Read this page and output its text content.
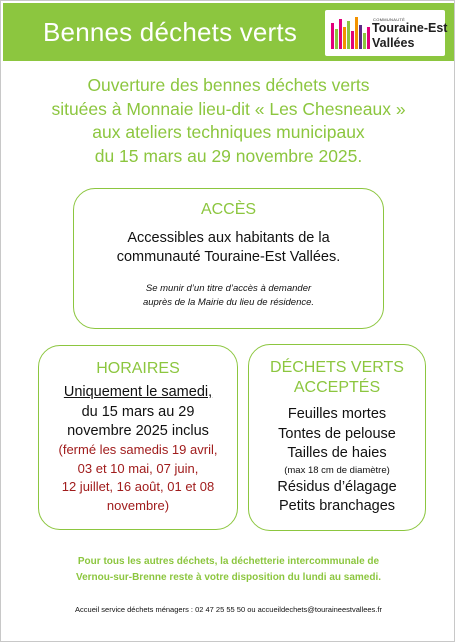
Bennes déchets verts	COMMUNAUTÉ
Touraine-Est
Vallées
Ouverture des bennes déchets verts
situées à Monnaie lieu-dit « Les Chesneaux »
aux ateliers techniques municipaux
du 15 mars au 29 novembre 2025.
ACCÈS
Accessibles aux habitants de la
communauté Touraine-Est Vallées.
Se munir d’un titre d’accès à demander
auprès de la Mairie du lieu de résidence.
HORAIRES
Uniquement le samedi,
du 15 mars au 29
novembre 2025 inclus
(fermé les samedis 19 avril,
03 et 10 mai, 07 juin,
12 juillet, 16 août, 01 et 08
novembre)
DÉCHETS VERTS
ACCEPTÉS
Feuilles mortes
Tontes de pelouse
Tailles de haies
(max 18 cm de diamètre)
Résidus d’élagage
Petits branchages
Pour tous les autres déchets, la déchetterie intercommunale de
Vernou-sur-Brenne reste à votre disposition du lundi au samedi.
Accueil service déchets ménagers : 02 47 25 55 50 ou accueildechets@touraineestvallees.fr
